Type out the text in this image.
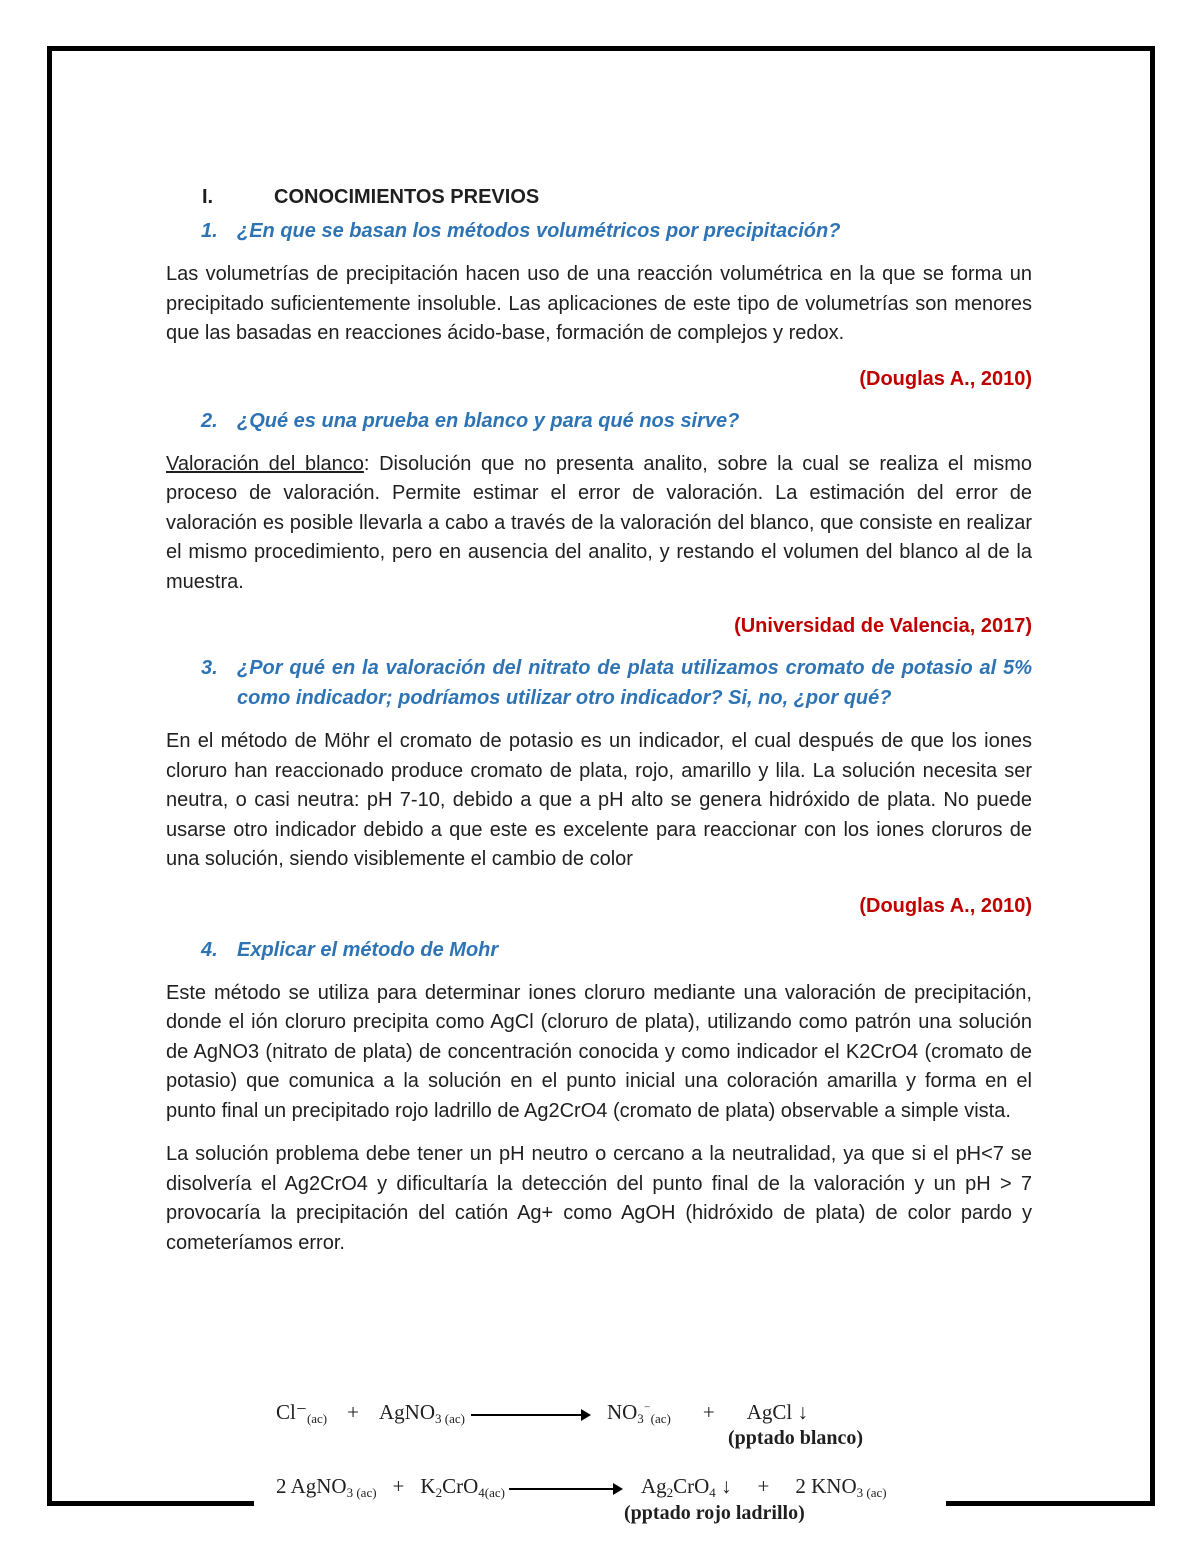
I.	CONOCIMIENTOS PREVIOS

1. ¿En que se basan los métodos volumétricos por precipitación?

Las volumetrías de precipitación hacen uso de una reacción volumétrica en la que se forma un precipitado suficientemente insoluble. Las aplicaciones de este tipo de volumetrías son menores que las basadas en reacciones ácido-base, formación de complejos y redox.

(Douglas A., 2010)

2. ¿Qué es una prueba en blanco y para qué nos sirve?

Valoración del blanco: Disolución que no presenta analito, sobre la cual se realiza el mismo proceso de valoración. Permite estimar el error de valoración. La estimación del error de valoración es posible llevarla a cabo a través de la valoración del blanco, que consiste en realizar el mismo procedimiento, pero en ausencia del analito, y restando el volumen del blanco al de la muestra.

(Universidad de Valencia, 2017)

3. ¿Por qué en la valoración del nitrato de plata utilizamos cromato de potasio al 5% como indicador; podríamos utilizar otro indicador? Si, no, ¿por qué?

En el método de Möhr el cromato de potasio es un indicador, el cual después de que los iones cloruro han reaccionado produce cromato de plata, rojo, amarillo y lila. La solución necesita ser neutra, o casi neutra: pH 7-10, debido a que a pH alto se genera hidróxido de plata. No puede usarse otro indicador debido a que este es excelente para reaccionar con los iones cloruros de una solución, siendo visiblemente el cambio de color

(Douglas A., 2010)

4. Explicar el método de Mohr

Este método se utiliza para determinar iones cloruro mediante una valoración de precipitación, donde el ión cloruro precipita como AgCl (cloruro de plata), utilizando como patrón una solución de AgNO3 (nitrato de plata) de concentración conocida y como indicador el K2CrO4 (cromato de potasio) que comunica a la solución en el punto inicial una coloración amarilla y forma en el punto final un precipitado rojo ladrillo de Ag2CrO4 (cromato de plata) observable a simple vista.

La solución problema debe tener un pH neutro o cercano a la neutralidad, ya que si el pH<7 se disolvería el Ag2CrO4 y dificultaría la detección del punto final de la valoración y un pH > 7 provocaría la precipitación del catión Ag+ como AgOH (hidróxido de plata) de color pardo y cometeríamos error.

$Cl^-_{(ac)}$ + AgNO$_{3 (ac)}$	$NO_3^{^-}_{(ac)}$ + AgCl ↓
(pptado blanco)
2 AgNO$_{3 (ac)}$ + $K_2CrO_{4(ac)}$	$Ag_2CrO_4$ ↓ + 2 $KNO_{3 (ac)}$
(pptado rojo ladrillo)
